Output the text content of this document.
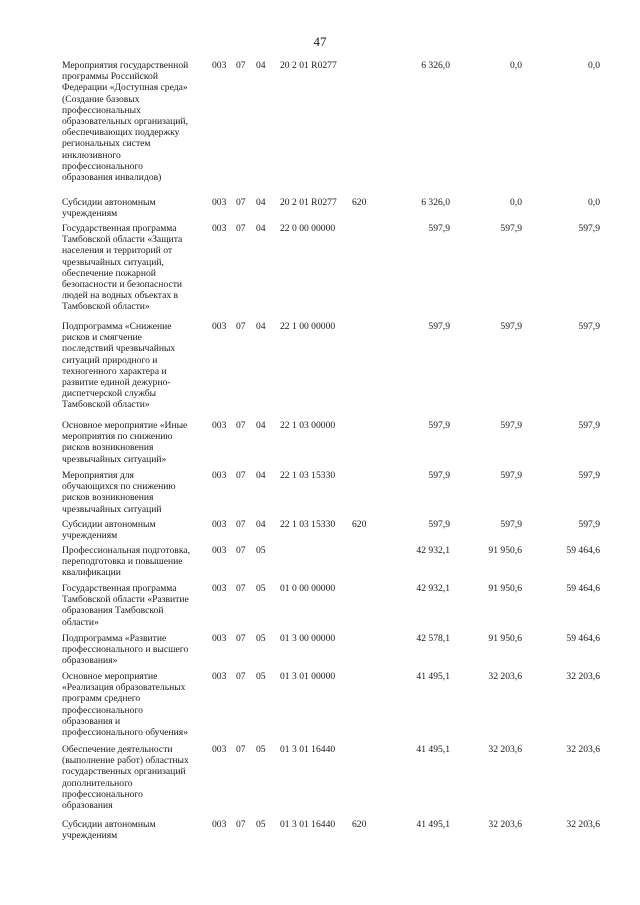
47

Мероприятия государственной
программы Российской
Федерации «Доступная среда»
(Создание базовых
профессиональных
образовательных организаций,
обеспечивающих поддержку
региональных систем
инклюзивного
профессионального
образования инвалидов)

003 07 04 20 2 01 R0277	6 326,0	0,0	0,0

Субсидии автономным
учреждениям

003 07 04 20 2 01 R0277 620	6 326,0	0,0	0,0

Государственная программа
Тамбовской области «Защита
населения и территорий от
чрезвычайных ситуаций,
обеспечение пожарной
безопасности и безопасности
людей на водных объектах в
Тамбовской области»

003 07 04 22 0 00 00000	597,9	597,9	597,9

Подпрограмма «Снижение
рисков и смягчение
последствий чрезвычайных
ситуаций природного и
техногенного характера и
развитие единой дежурно-
диспетчерской службы
Тамбовской области»

003 07 04 22 1 00 00000	597,9	597,9	597,9

Основное мероприятие «Иные
мероприятия по снижению
рисков возникновения
чрезвычайных ситуаций»

003 07 04 22 1 03 00000	597,9	597,9	597,9

Мероприятия для
обучающихся по снижению
рисков возникновения
чрезвычайных ситуаций

003 07 04 22 1 03 15330	597,9	597,9	597,9

Субсидии автономным
учреждениям

003 07 04 22 1 03 15330 620	597,9	597,9	597,9

Профессиональная подготовка,
переподготовка и повышение
квалификации

003 07 05	42 932,1	91 950,6	59 464,6

Государственная программа
Тамбовской области «Развитие
образования Тамбовской
области»

003 07 05 01 0 00 00000	42 932,1	91 950,6	59 464,6

Подпрограмма «Развитие
профессионального и высшего
образования»

003 07 05 01 3 00 00000	42 578,1	91 950,6	59 464,6

Основное мероприятие
«Реализация образовательных
программ среднего
профессионального
образования и
профессионального обучения»

003 07 05 01 3 01 00000	41 495,1	32 203,6	32 203,6

Обеспечение деятельности
(выполнение работ) областных
государственных организаций
дополнительного
профессионального
образования

003 07 05 01 3 01 16440	41 495,1	32 203,6	32 203,6

Субсидии автономным
учреждениям

003 07 05 01 3 01 16440 620	41 495,1	32 203,6	32 203,6
